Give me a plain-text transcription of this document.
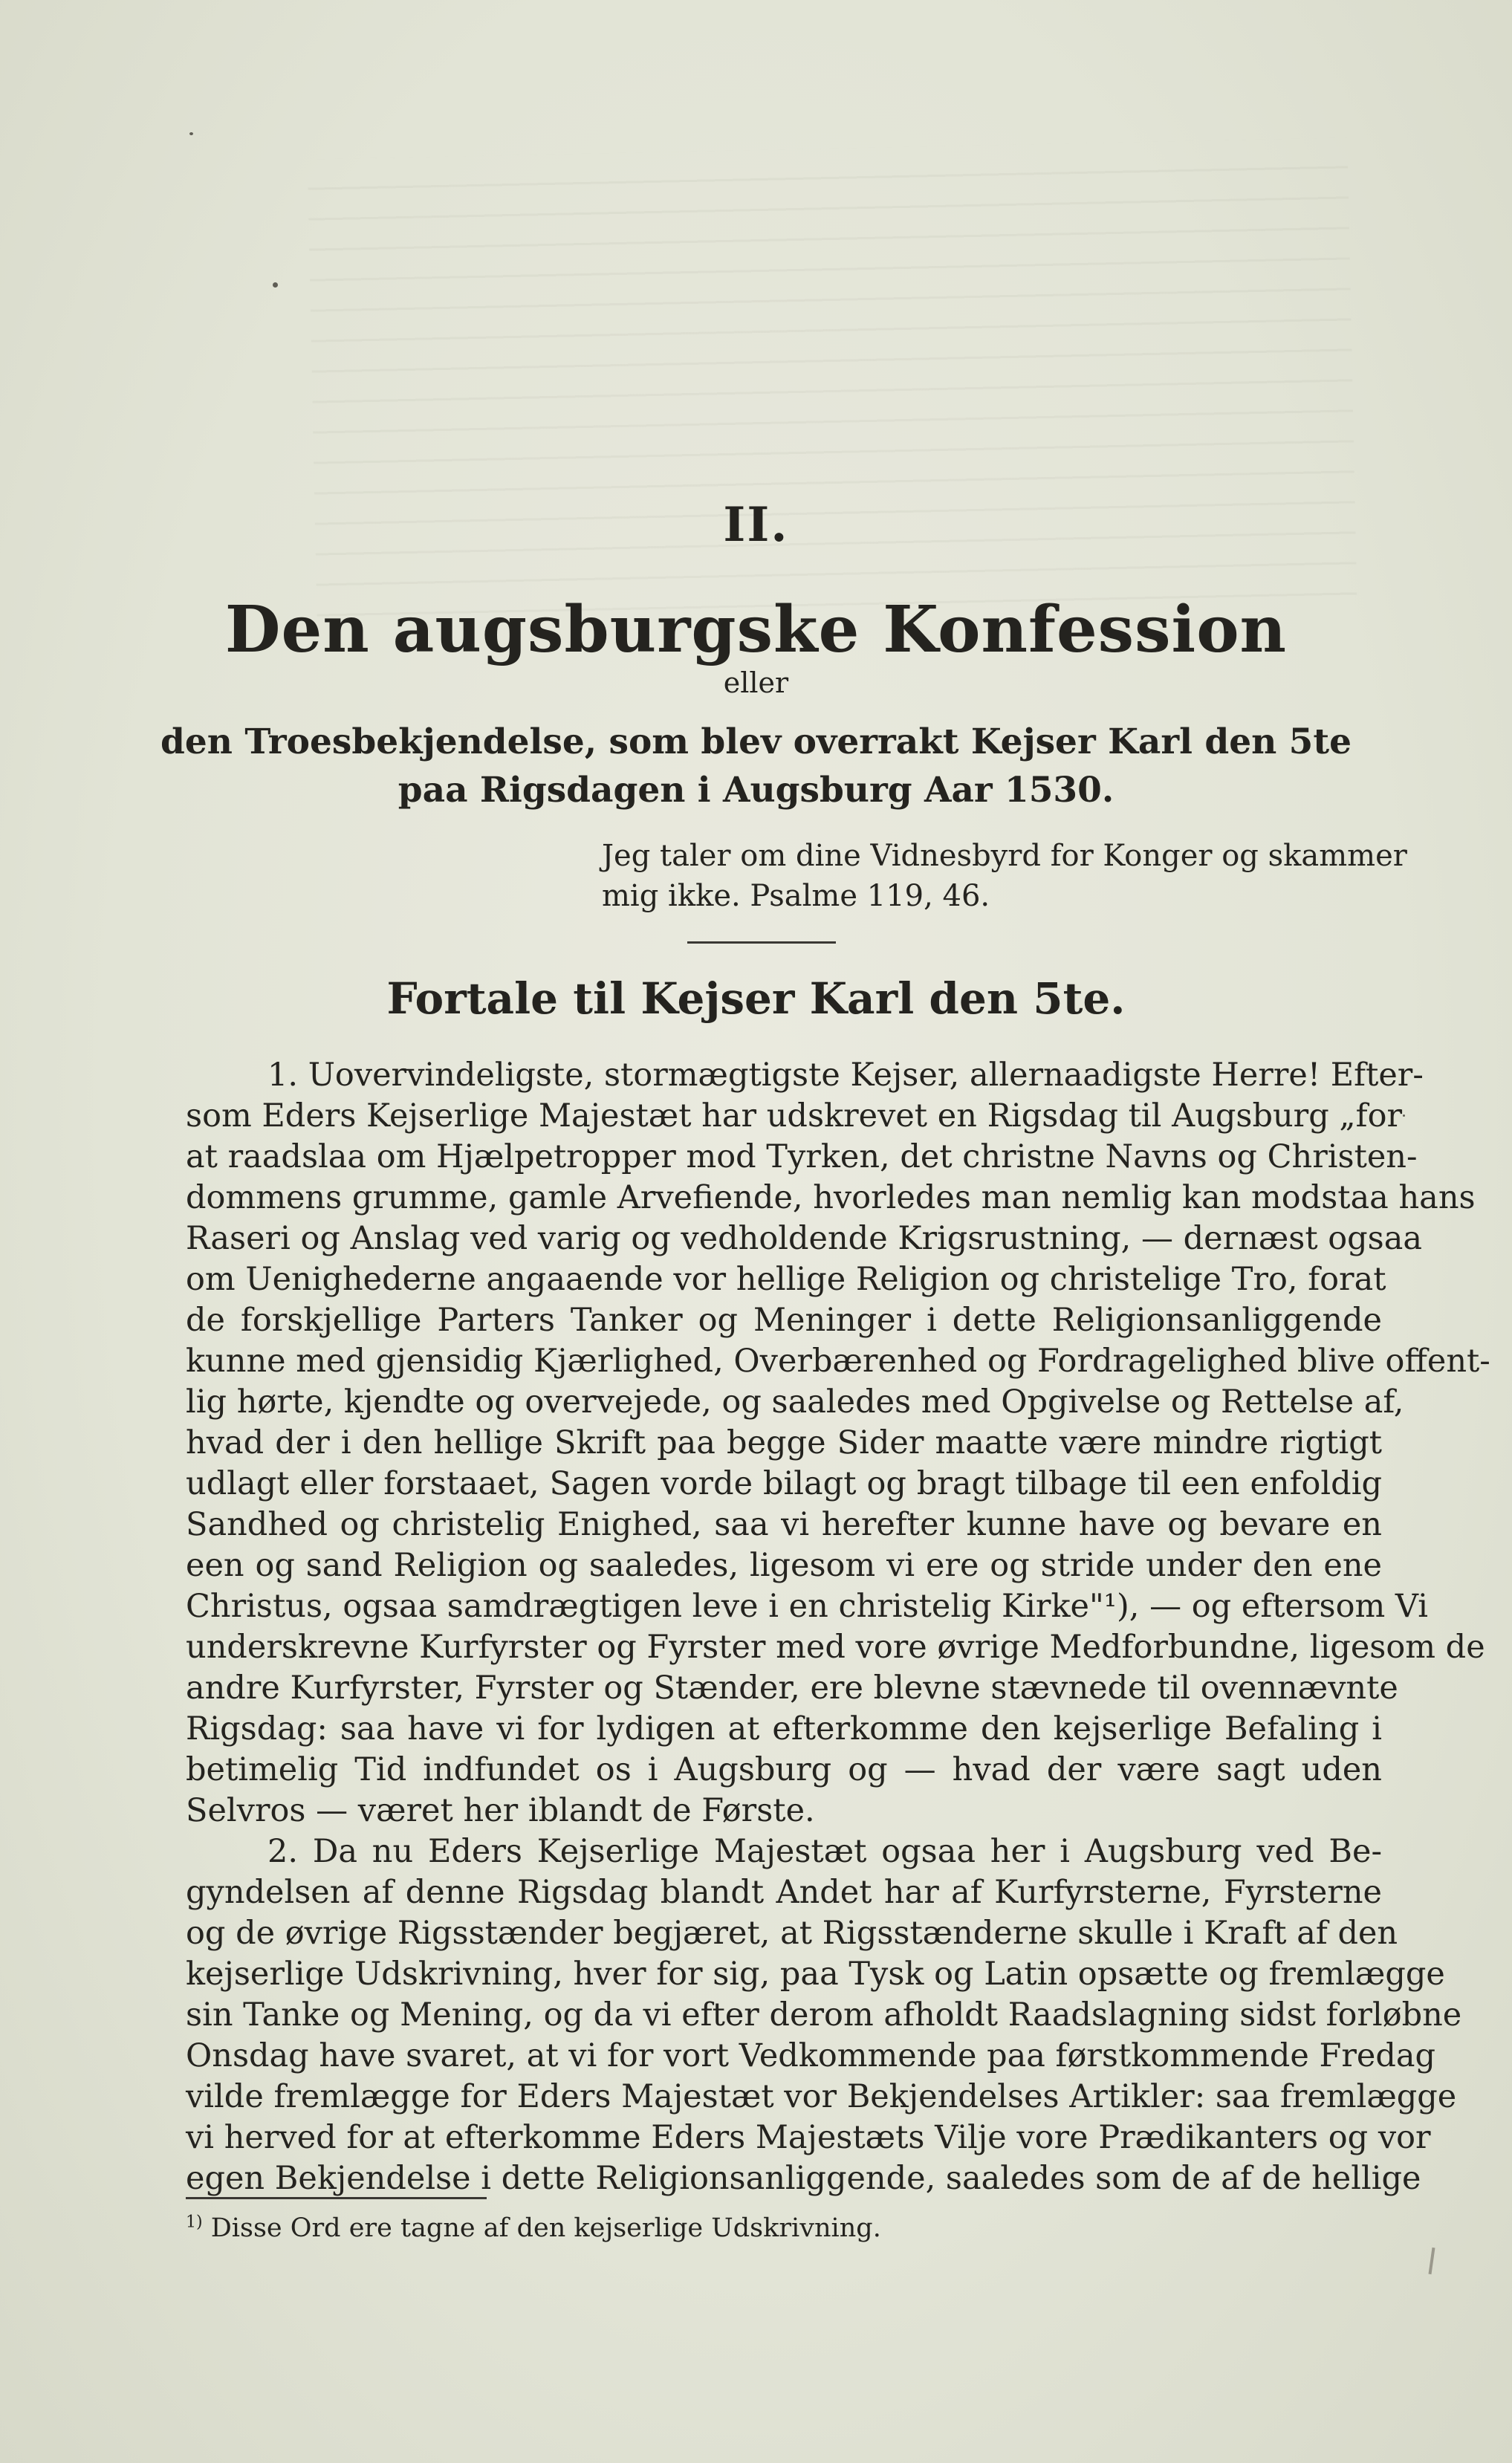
II.
Den augsburgske Konfession
eller
den Troesbekjendelse, som blev overrakt Kejser Karl den 5te
paa Rigsdagen i Augsburg Aar 1530.
Jeg taler om dine Vidnesbyrd for Konger og skammer
mig ikke. Psalme 119, 46.
Fortale til Kejser Karl den 5te.
1. Uovervindeligste, stormægtigste Kejser, allernaadigste Herre! Efter-
som Eders Kejserlige Majestæt har udskrevet en Rigsdag til Augsburg „for
at raadslaa om Hjælpetropper mod Tyrken, det christne Navns og Christen-
dommens grumme, gamle Arvefiende, hvorledes man nemlig kan modstaa hans
Raseri og Anslag ved varig og vedholdende Krigsrustning, — dernæst ogsaa
om Uenighederne angaaende vor hellige Religion og christelige Tro, forat
de forskjellige Parters Tanker og Meninger i dette Religionsanliggende
kunne med gjensidig Kjærlighed, Overbærenhed og Fordragelighed blive offent-
lig hørte, kjendte og overvejede, og saaledes med Opgivelse og Rettelse af,
hvad der i den hellige Skrift paa begge Sider maatte være mindre rigtigt
udlagt eller forstaaet, Sagen vorde bilagt og bragt tilbage til een enfoldig
Sandhed og christelig Enighed, saa vi herefter kunne have og bevare en
een og sand Religion og saaledes, ligesom vi ere og stride under den ene
Christus, ogsaa samdrægtigen leve i en christelig Kirke"¹), — og eftersom Vi
underskrevne Kurfyrster og Fyrster med vore øvrige Medforbundne, ligesom de
andre Kurfyrster, Fyrster og Stænder, ere blevne stævnede til ovennævnte
Rigsdag: saa have vi for lydigen at efterkomme den kejserlige Befaling i
betimelig Tid indfundet os i Augsburg og — hvad der være sagt uden
Selvros — været her iblandt de Første.
2. Da nu Eders Kejserlige Majestæt ogsaa her i Augsburg ved Be-
gyndelsen af denne Rigsdag blandt Andet har af Kurfyrsterne, Fyrsterne
og de øvrige Rigsstænder begjæret, at Rigsstænderne skulle i Kraft af den
kejserlige Udskrivning, hver for sig, paa Tysk og Latin opsætte og fremlægge
sin Tanke og Mening, og da vi efter derom afholdt Raadslagning sidst forløbne
Onsdag have svaret, at vi for vort Vedkommende paa førstkommende Fredag
vilde fremlægge for Eders Majestæt vor Bekjendelses Artikler: saa fremlægge
vi herved for at efterkomme Eders Majestæts Vilje vore Prædikanters og vor
egen Bekjendelse i dette Religionsanliggende, saaledes som de af de hellige
$^{1)}$ Disse Ord ere tagne af den kejserlige Udskrivning.
